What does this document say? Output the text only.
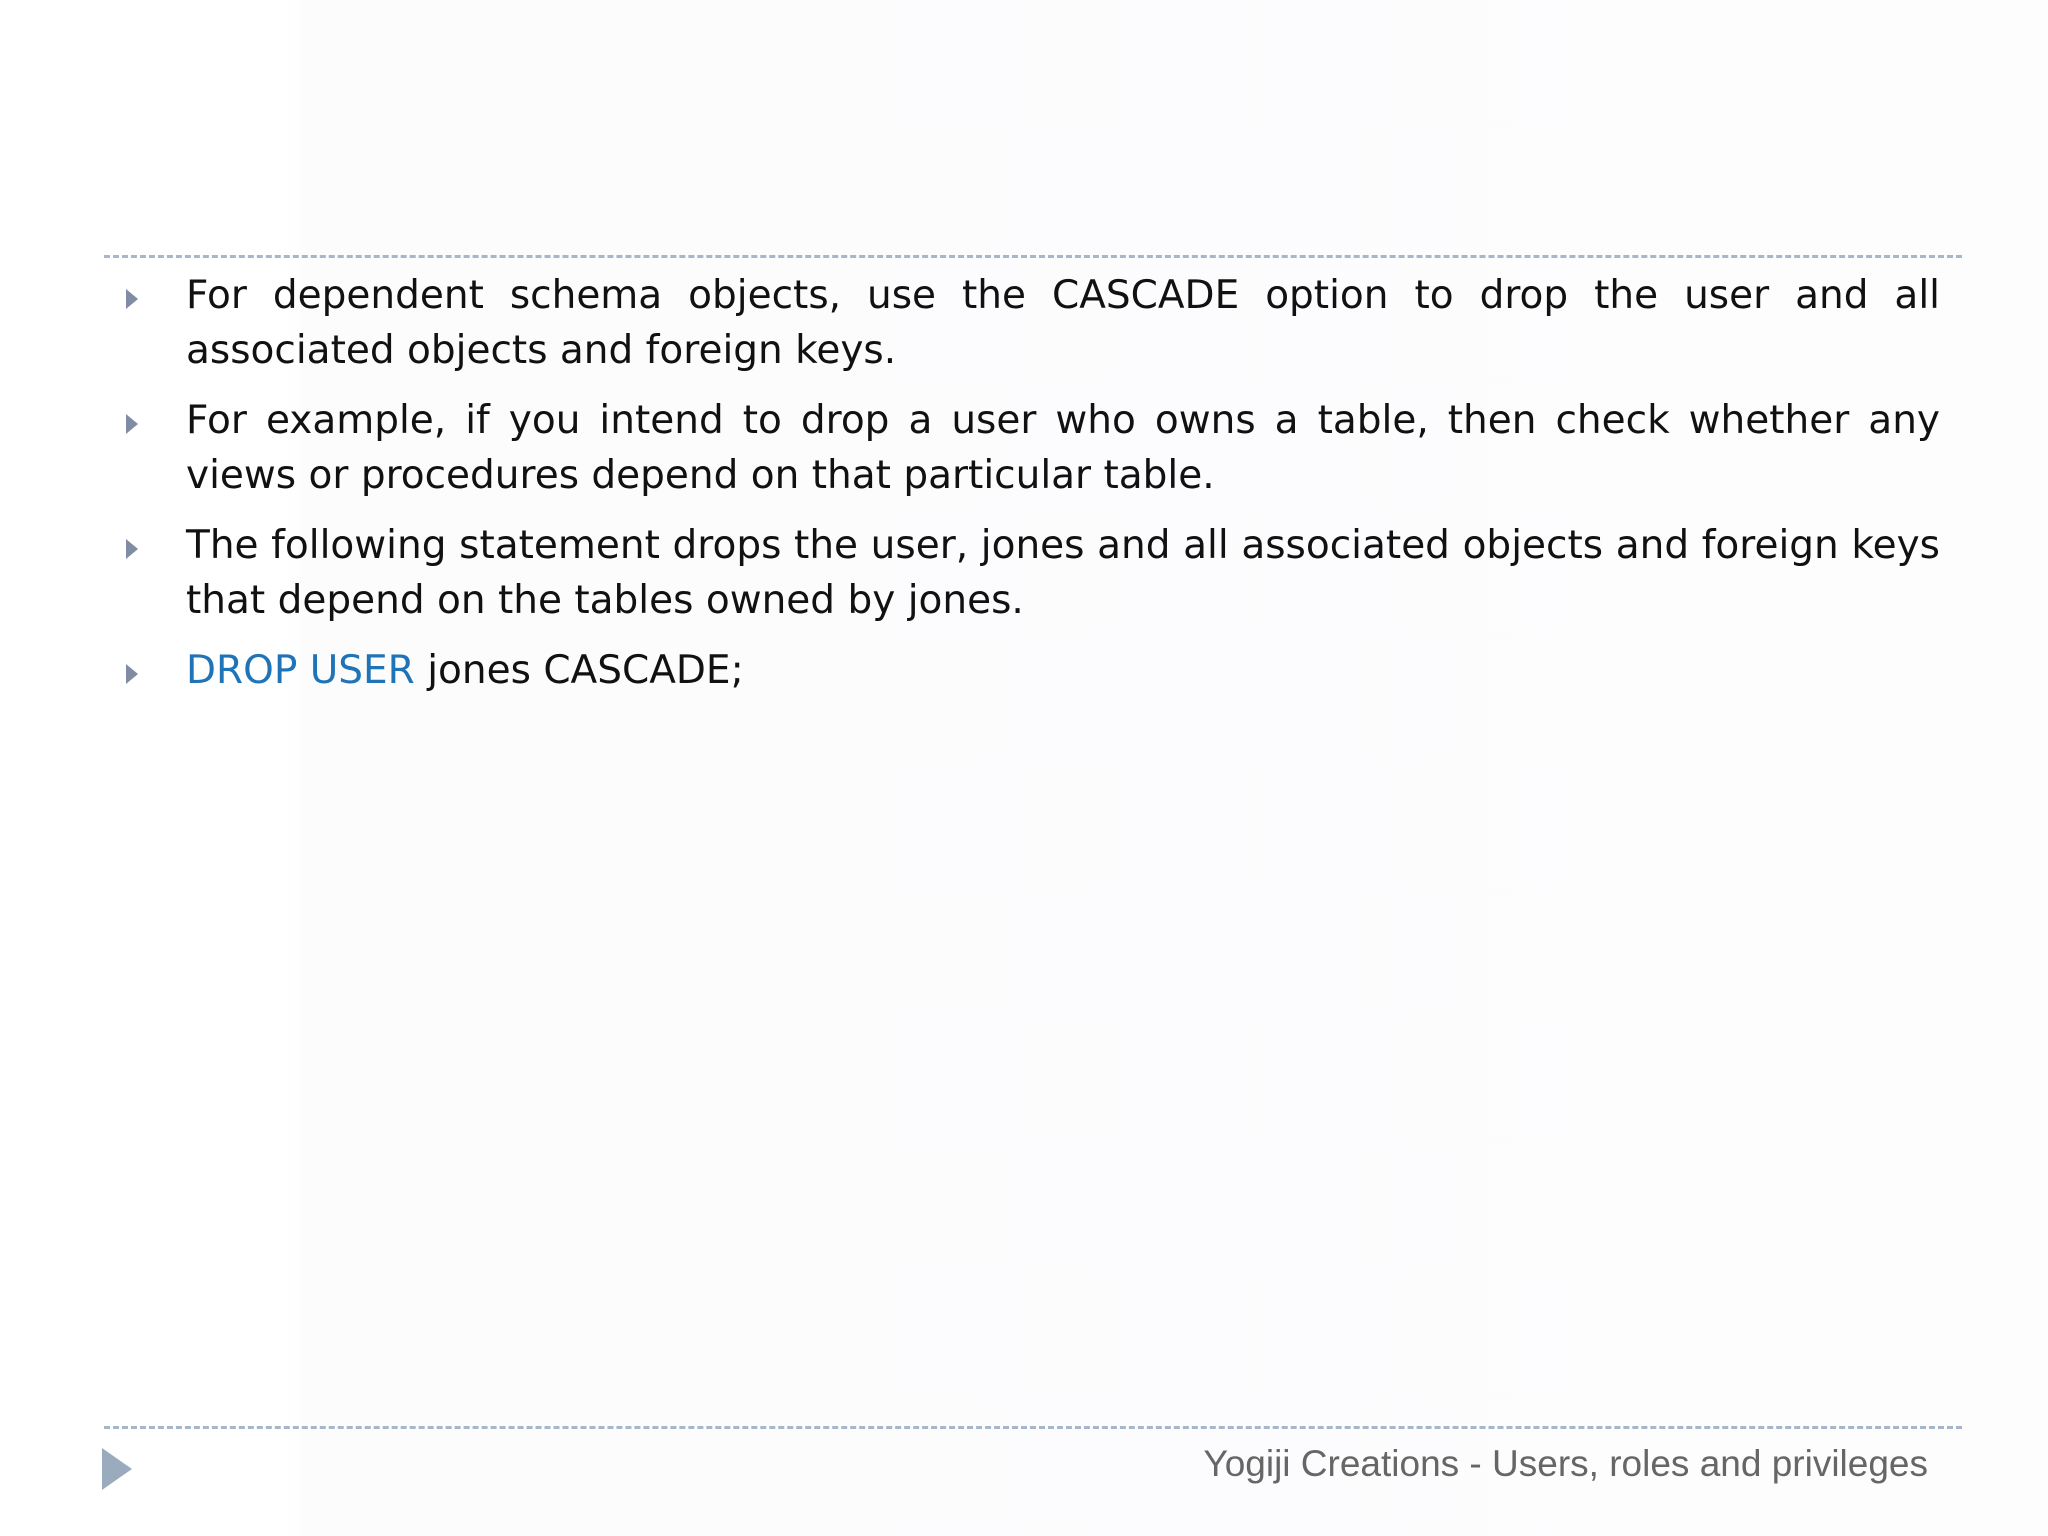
For dependent schema objects, use the CASCADE option to drop the user and all associated objects and foreign keys.
For example, if you intend to drop a user who owns a table, then check whether any views or procedures depend on that particular table.
The following statement drops the user, jones and all associated objects and foreign keys that depend on the tables owned by jones.
DROP USER jones CASCADE;
Yogiji Creations - Users, roles and privileges
